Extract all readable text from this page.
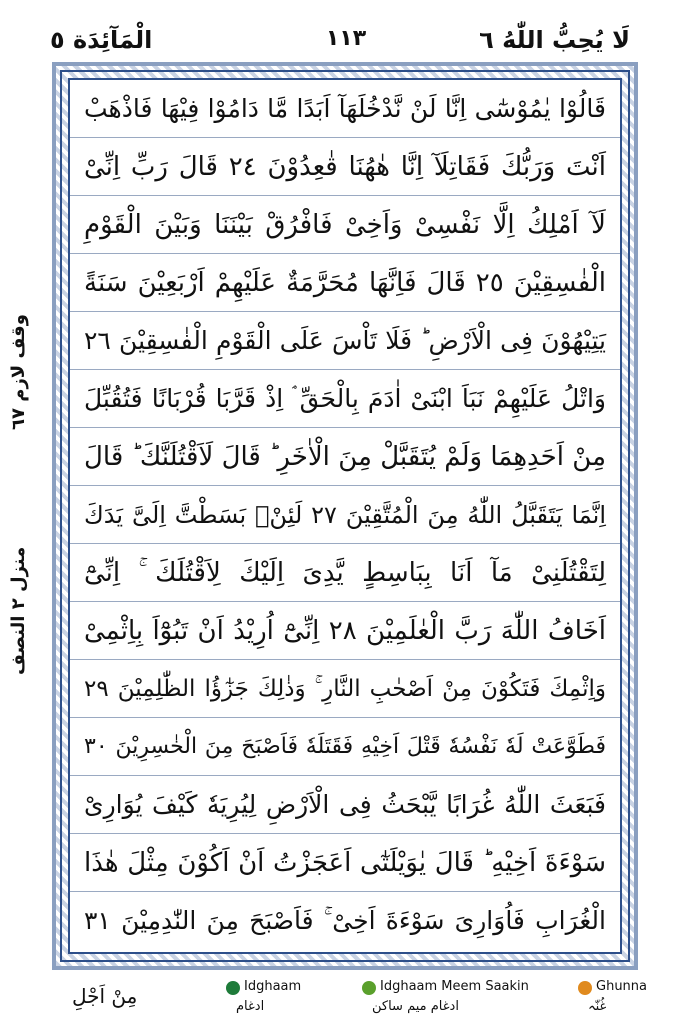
لَا يُحِبُّ اللّٰهُ ٦
١١٣
الْمَآئِدَة ٥
وقف لازم ٦٧
منزل ٢ النصف
قَالُوْا يٰمُوْسٰٓى اِنَّا لَنْ نَّدْخُلَهَآ اَبَدًا مَّا دَامُوْا فِيْهَا فَاذْهَبْ
اَنْتَ وَرَبُّكَ فَقَاتِلَآ اِنَّا هٰهُنَا قٰعِدُوْنَ ٢٤ قَالَ رَبِّ اِنِّىْ
لَآ اَمْلِكُ اِلَّا نَفْسِىْ وَاَخِىْ فَافْرُقْ بَيْنَنَا وَبَيْنَ الْقَوْمِ
الْفٰسِقِيْنَ ٢٥ قَالَ فَاِنَّهَا مُحَرَّمَةٌ عَلَيْهِمْ اَرْبَعِيْنَ سَنَةً
يَتِيْهُوْنَ فِى الْاَرْضِ ؕ فَلَا تَاْسَ عَلَى الْقَوْمِ الْفٰسِقِيْنَ ٢٦
وَاتْلُ عَلَيْهِمْ نَبَاَ ابْنَىْ اٰدَمَ بِالْحَقِّ ۘ اِذْ قَرَّبَا قُرْبَانًا فَتُقُبِّلَ
مِنْ اَحَدِهِمَا وَلَمْ يُتَقَبَّلْ مِنَ الْاٰخَرِ ؕ قَالَ لَاَقْتُلَنَّكَ ؕ قَالَ
اِنَّمَا يَتَقَبَّلُ اللّٰهُ مِنَ الْمُتَّقِيْنَ ٢٧ لَئِنْۢ بَسَطْتَّ اِلَىَّ يَدَكَ
لِتَقْتُلَنِىْ مَآ اَنَا بِبَاسِطٍ يَّدِىَ اِلَيْكَ لِاَقْتُلَكَ ۚ اِنِّىْٓ
اَخَافُ اللّٰهَ رَبَّ الْعٰلَمِيْنَ ٢٨ اِنِّىْٓ اُرِيْدُ اَنْ تَبُوْٓاَ بِاِثْمِىْ
وَاِثْمِكَ فَتَكُوْنَ مِنْ اَصْحٰبِ النَّارِ ۚ وَذٰلِكَ جَزٰٓؤُا الظّٰلِمِيْنَ ٢٩
فَطَوَّعَتْ لَهٗ نَفْسُهٗ قَتْلَ اَخِيْهِ فَقَتَلَهٗ فَاَصْبَحَ مِنَ الْخٰسِرِيْنَ ٣٠
فَبَعَثَ اللّٰهُ غُرَابًا يَّبْحَثُ فِى الْاَرْضِ لِيُرِيَهٗ كَيْفَ يُوَارِىْ
سَوْءَةَ اَخِيْهِ ؕ قَالَ يٰوَيْلَتٰٓى اَعَجَزْتُ اَنْ اَكُوْنَ مِثْلَ هٰذَا
الْغُرَابِ فَاُوَارِىَ سَوْءَةَ اَخِىْ ۚ فَاَصْبَحَ مِنَ النّٰدِمِيْنَ ٣١
مِنْ اَجْلِ	Idghaam
ادغام
Idghaam Meem Saakin
ادغام میم ساکن
Ghunna
غُنّہ
